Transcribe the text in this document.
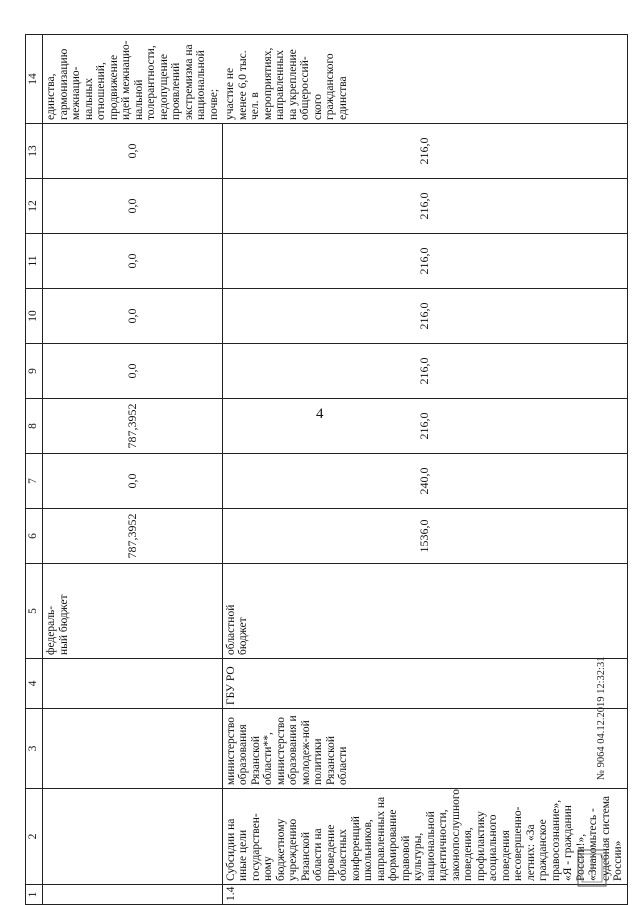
4
1	2	3	4	5	6	7	8	9	10	11	12	13	14
				федераль-
ный бюджет	787,3952	0,0	787,3952	0,0	0,0	0,0	0,0	0,0	единства, гармонизацию межнацио-нальных отношений, продвижение идей межнацио-нальной толерантности, недопущение проявлений экстремизма на национальной почве;
1.4	Субсидии на иные цели государствен-ному бюджетному учреждению Рязанской области на проведение областных конференций школьников, направленных на формирование правовой культуры, национальной идентичности, законопослушного поведения, профилактику асоциального поведения несовершенно-летних: «За гражданское правосознание», «Я - гражданин России!», «Знакомьтесь - судебная система России»	министерство образования Рязанской области**, министерство образования и молодеж-ной политики Рязанской области	ГБУ РО	областной бюджет	1536,0	240,0	216,0	216,0	216,0	216,0	216,0	216,0	участие не менее 6,0 тыс. чел. в мероприятиях, направленных на укрепление общероссий-ского гражданского единства
№ 9064 04.12.2019 12:32:31
